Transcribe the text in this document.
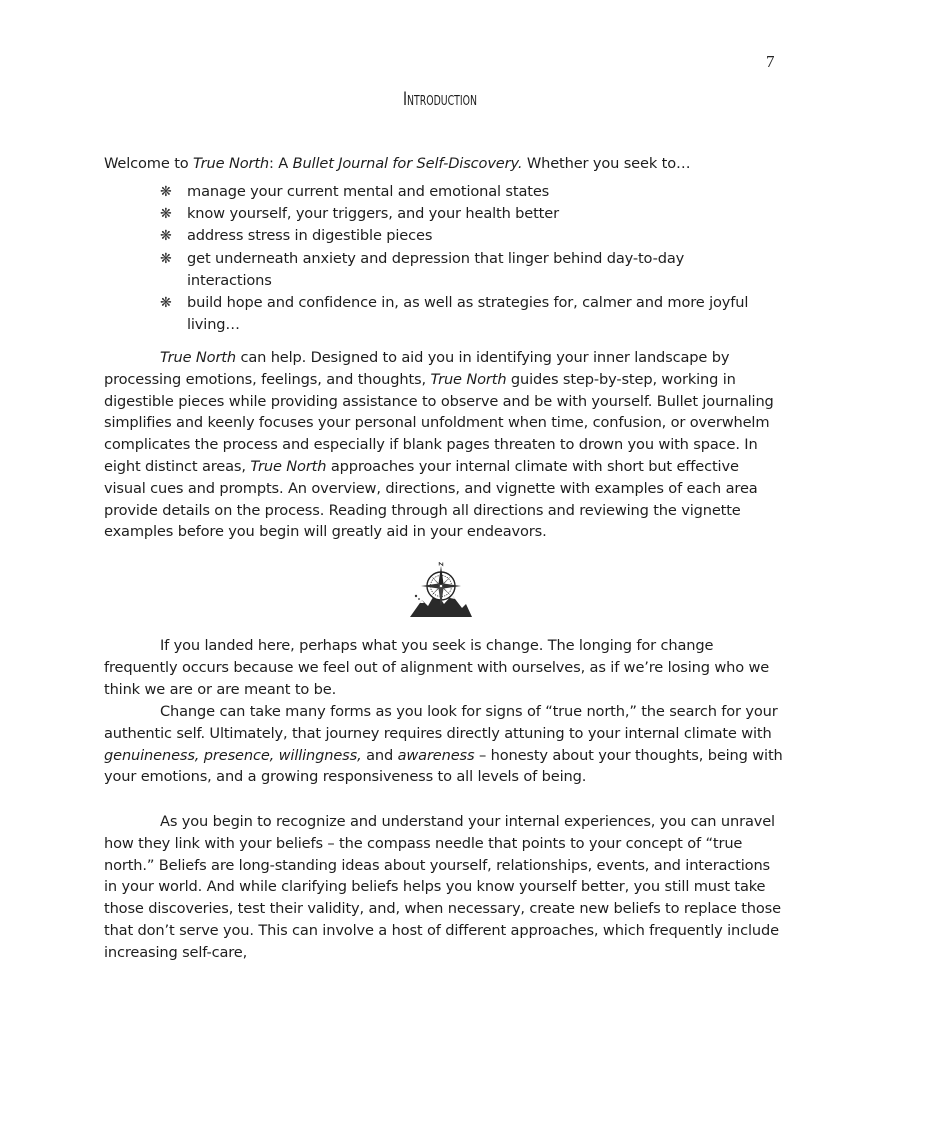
7
Introduction
Welcome to True North: A Bullet Journal for Self-Discovery. Whether you seek to…
❋ manage your current mental and emotional states
❋ know yourself, your triggers, and your health better
❋ address stress in digestible pieces
❋ get underneath anxiety and depression that linger behind day-to-day interactions
❋ build hope and confidence in, as well as strategies for, calmer and more joyful living…
True North can help. Designed to aid you in identifying your inner landscape by processing emotions, feelings, and thoughts, True North guides step-by-step, working in digestible pieces while providing assistance to observe and be with yourself. Bullet journaling simplifies and keenly focuses your personal unfoldment when time, confusion, or overwhelm complicates the process and especially if blank pages threaten to drown you with space. In eight distinct areas, True North approaches your internal climate with short but effective visual cues and prompts. An overview, directions, and vignette with examples of each area provide details on the process. Reading through all directions and reviewing the vignette examples before you begin will greatly aid in your endeavors.
If you landed here, perhaps what you seek is change. The longing for change frequently occurs because we feel out of alignment with ourselves, as if we’re losing who we think we are or are meant to be.
Change can take many forms as you look for signs of “true north,” the search for your authentic self. Ultimately, that journey requires directly attuning to your internal climate with genuineness, presence, willingness, and awareness – honesty about your thoughts, being with your emotions, and a growing responsiveness to all levels of being.
As you begin to recognize and understand your internal experiences, you can unravel how they link with your beliefs – the compass needle that points to your concept of “true north.” Beliefs are long-standing ideas about yourself, relationships, events, and interactions in your world. And while clarifying beliefs helps you know yourself better, you still must take those discoveries, test their validity, and, when necessary, create new beliefs to replace those that don’t serve you. This can involve a host of different approaches, which frequently include increasing self-care,
